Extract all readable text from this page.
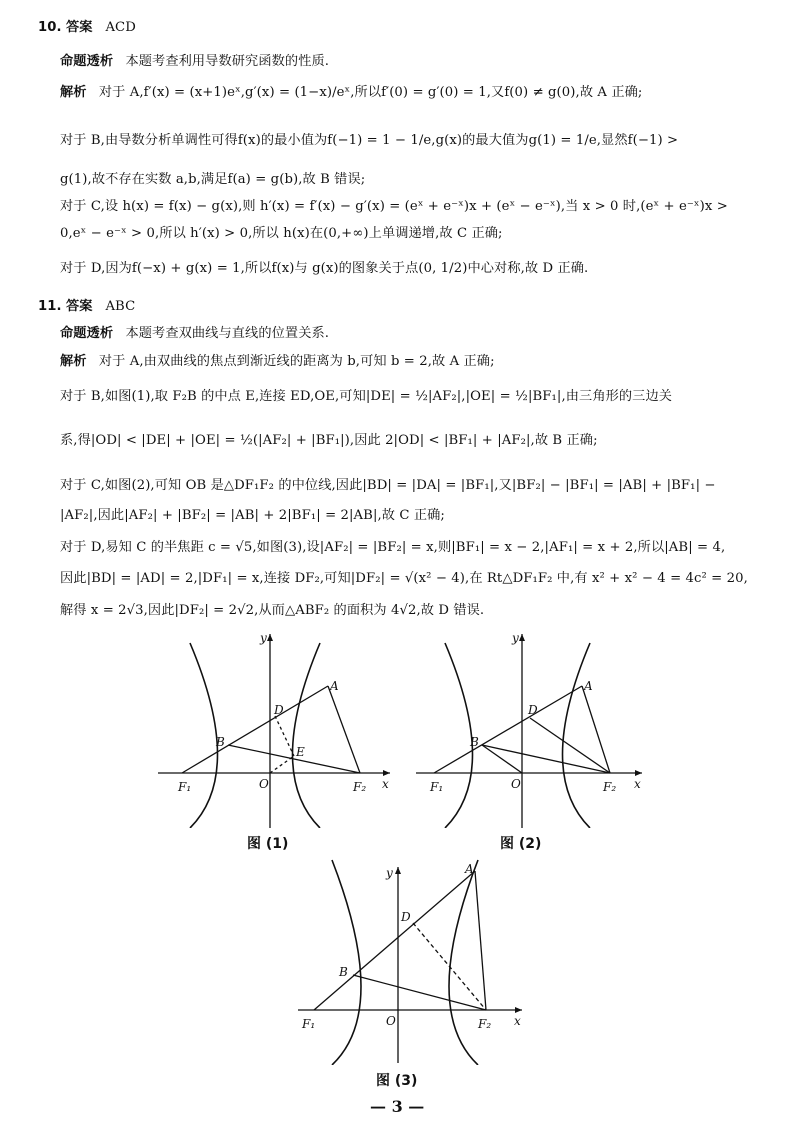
10. 答案 ACD
命题透析 本题考查利用导数研究函数的性质.
解析 对于 A,f′(x) = (x+1)eˣ,g′(x) = (1−x)/eˣ,所以f′(0) = g′(0) = 1,又f(0) ≠ g(0),故 A 正确;
对于 B,由导数分析单调性可得f(x)的最小值为f(−1) = 1 − 1/e,g(x)的最大值为g(1) = 1/e,显然f(−1) >
g(1),故不存在实数 a,b,满足f(a) = g(b),故 B 错误;
对于 C,设 h(x) = f(x) − g(x),则 h′(x) = f′(x) − g′(x) = (eˣ + e⁻ˣ)x + (eˣ − e⁻ˣ),当 x > 0 时,(eˣ + e⁻ˣ)x >
0,eˣ − e⁻ˣ > 0,所以 h′(x) > 0,所以 h(x)在(0,+∞)上单调递增,故 C 正确;
对于 D,因为f(−x) + g(x) = 1,所以f(x)与 g(x)的图象关于点(0, 1/2)中心对称,故 D 正确.
11. 答案 ABC
命题透析 本题考查双曲线与直线的位置关系.
解析 对于 A,由双曲线的焦点到渐近线的距离为 b,可知 b = 2,故 A 正确;
对于 B,如图(1),取 F₂B 的中点 E,连接 ED,OE,可知|DE| = ½|AF₂|,|OE| = ½|BF₁|,由三角形的三边关
系,得|OD| < |DE| + |OE| = ½(|AF₂| + |BF₁|),因此 2|OD| < |BF₁| + |AF₂|,故 B 正确;
对于 C,如图(2),可知 OB 是△DF₁F₂ 的中位线,因此|BD| = |DA| = |BF₁|,又|BF₂| − |BF₁| = |AB| + |BF₁| −
|AF₂|,因此|AF₂| + |BF₂| = |AB| + 2|BF₁| = 2|AB|,故 C 正确;
对于 D,易知 C 的半焦距 c = √5,如图(3),设|AF₂| = |BF₂| = x,则|BF₁| = x − 2,|AF₁| = x + 2,所以|AB| = 4,
因此|BD| = |AD| = 2,|DF₁| = x,连接 DF₂,可知|DF₂| = √(x² − 4),在 Rt△DF₁F₂ 中,有 x² + x² − 4 = 4c² = 20,
解得 x = 2√3,因此|DF₂| = 2√2,从而△ABF₂ 的面积为 4√2,故 D 错误.
y
x
O
F₁	F₂
A
B
D
E
图 (1)
y
x
O
F₁	F₂
A
B
D
图 (2)
y
x
O
F₁	F₂
A
B
D
图 (3)
— 3 —
